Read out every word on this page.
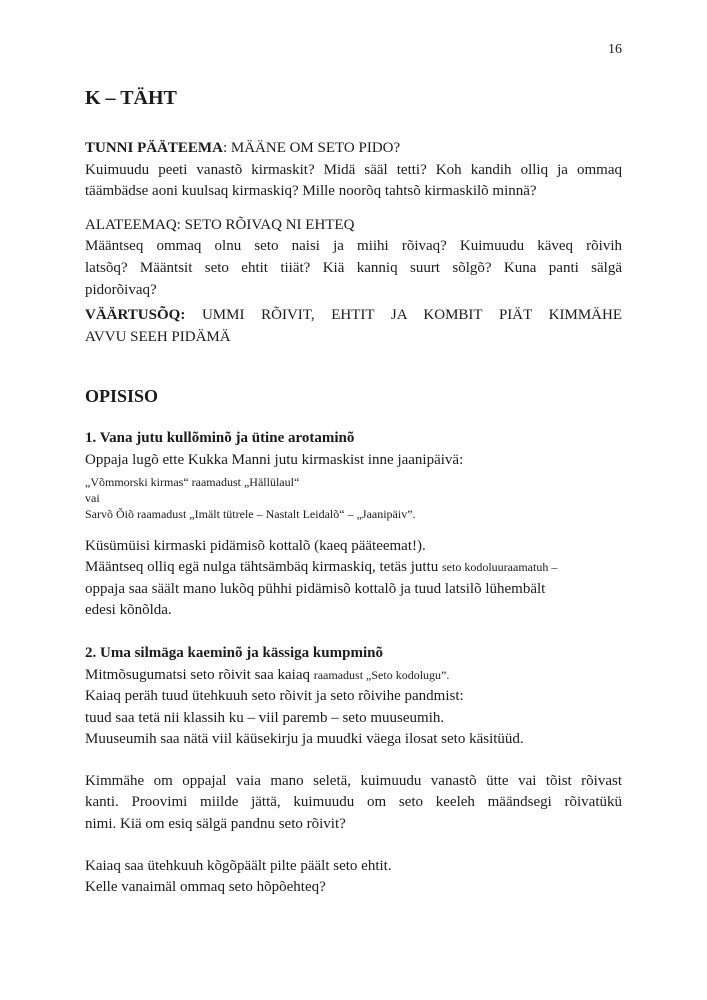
16
K – TÄHT
TUNNI PÄÄTEEMA: MÄÄNE OM SETO PIDO?
Kuimuudu peeti vanastõ kirmaskit? Midä sääl tetti? Koh kandih olliq ja ommaq
täämbädse aoni kuulsaq kirmaskiq? Mille noorõq tahtsõ kirmaskilõ minnä?
ALATEEMAQ: SETO RÕIVAQ NI EHTEQ
Määntseq ommaq olnu seto naisi ja miihi rõivaq? Kuimuudu käveq rõivih
latsõq? Määntsit seto ehtit tiiät? Kiä kanniq suurt sõlgõ? Kuna panti sälgä
pidorõivaq?
VÄÄRTUSÕQ: UMMI RÕIVIT, EHTIT JA KOMBIT PIÄT KIMMÄHE
AVVU SEEH PIDÄMÄ
OPISISO
1. Vana jutu kullõminõ ja ütine arotaminõ
Oppaja lugõ ette Kukka Manni jutu kirmaskist inne jaanipäivä:
„Võmmorski kirmas“ raamadust „Hällülaul“
vai
Sarvõ Õiõ raamadust „Imält tütrele – Nastalt Leidalõ“ – „Jaanipäiv”.
Küsümüisi kirmaski pidämisõ kottalõ (kaeq pääteemat!).
Määntseq olliq egä nulga tähtsämbäq kirmaskiq, tetäs juttu seto kodoluuraamatuh –
oppaja saa säält mano lukõq pühhi pidämisõ kottalõ ja tuud latsilõ lühembält
edesi kõnõlda.
2. Uma silmäga kaeminõ ja kässiga kumpminõ
Mitmõsugumatsi seto rõivit saa kaiaq raamadust „Seto kodolugu”.
Kaiaq peräh tuud ütehkuuh seto rõivit ja seto rõivihe pandmist:
tuud saa tetä nii klassih ku – viil paremb – seto muuseumih.
Muuseumih saa nätä viil käüsekirju ja muudki väega ilosat seto käsitüüd.
Kimmähe om oppajal vaia mano seletä, kuimuudu vanastõ ütte vai tõist rõivast
kanti. Proovimi miilde jättä, kuimuudu om seto keeleh määndsegi rõivatükü
nimi. Kiä om esiq sälgä pandnu seto rõivit?
Kaiaq saa ütehkuuh kõgõpäält pilte päält seto ehtit.
Kelle vanaimäl ommaq seto hõpõehteq?
